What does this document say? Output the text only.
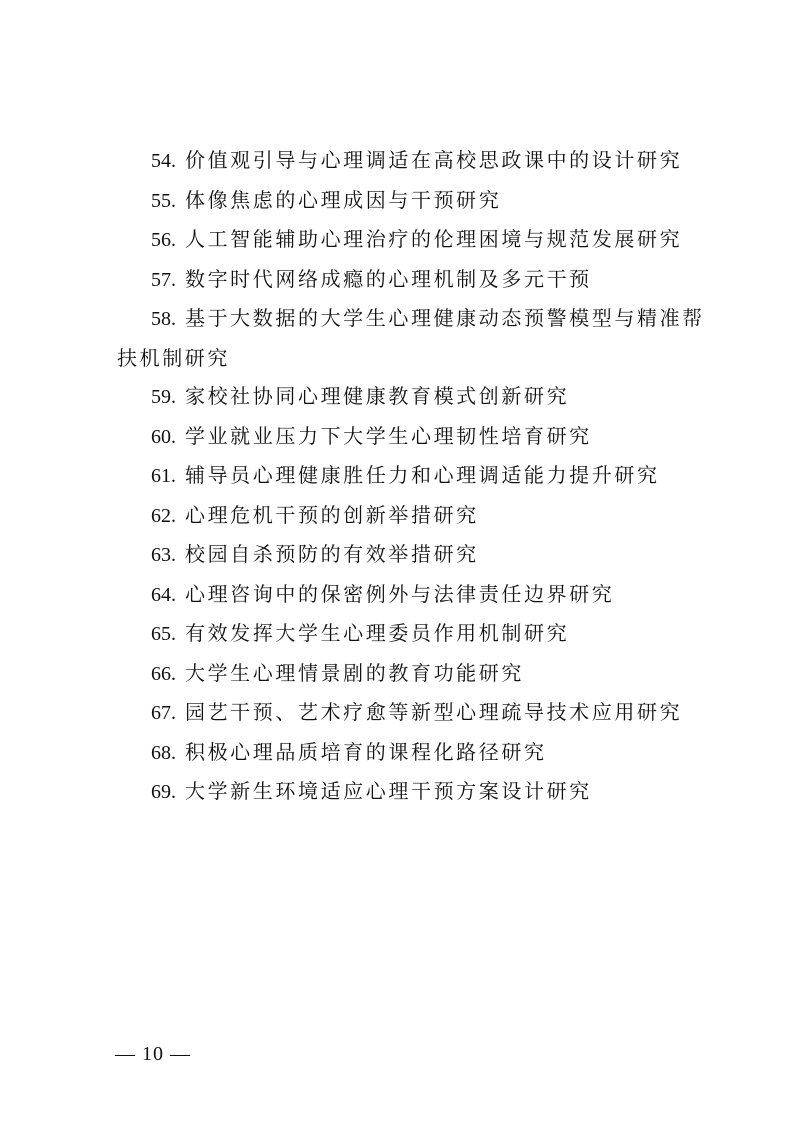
54. 价值观引导与心理调适在高校思政课中的设计研究
55. 体像焦虑的心理成因与干预研究
56. 人工智能辅助心理治疗的伦理困境与规范发展研究
57. 数字时代网络成瘾的心理机制及多元干预
58. 基于大数据的大学生心理健康动态预警模型与精准帮扶机制研究
59. 家校社协同心理健康教育模式创新研究
60. 学业就业压力下大学生心理韧性培育研究
61. 辅导员心理健康胜任力和心理调适能力提升研究
62. 心理危机干预的创新举措研究
63. 校园自杀预防的有效举措研究
64. 心理咨询中的保密例外与法律责任边界研究
65. 有效发挥大学生心理委员作用机制研究
66. 大学生心理情景剧的教育功能研究
67. 园艺干预、艺术疗愈等新型心理疏导技术应用研究
68. 积极心理品质培育的课程化路径研究
69. 大学新生环境适应心理干预方案设计研究
— 10 —
